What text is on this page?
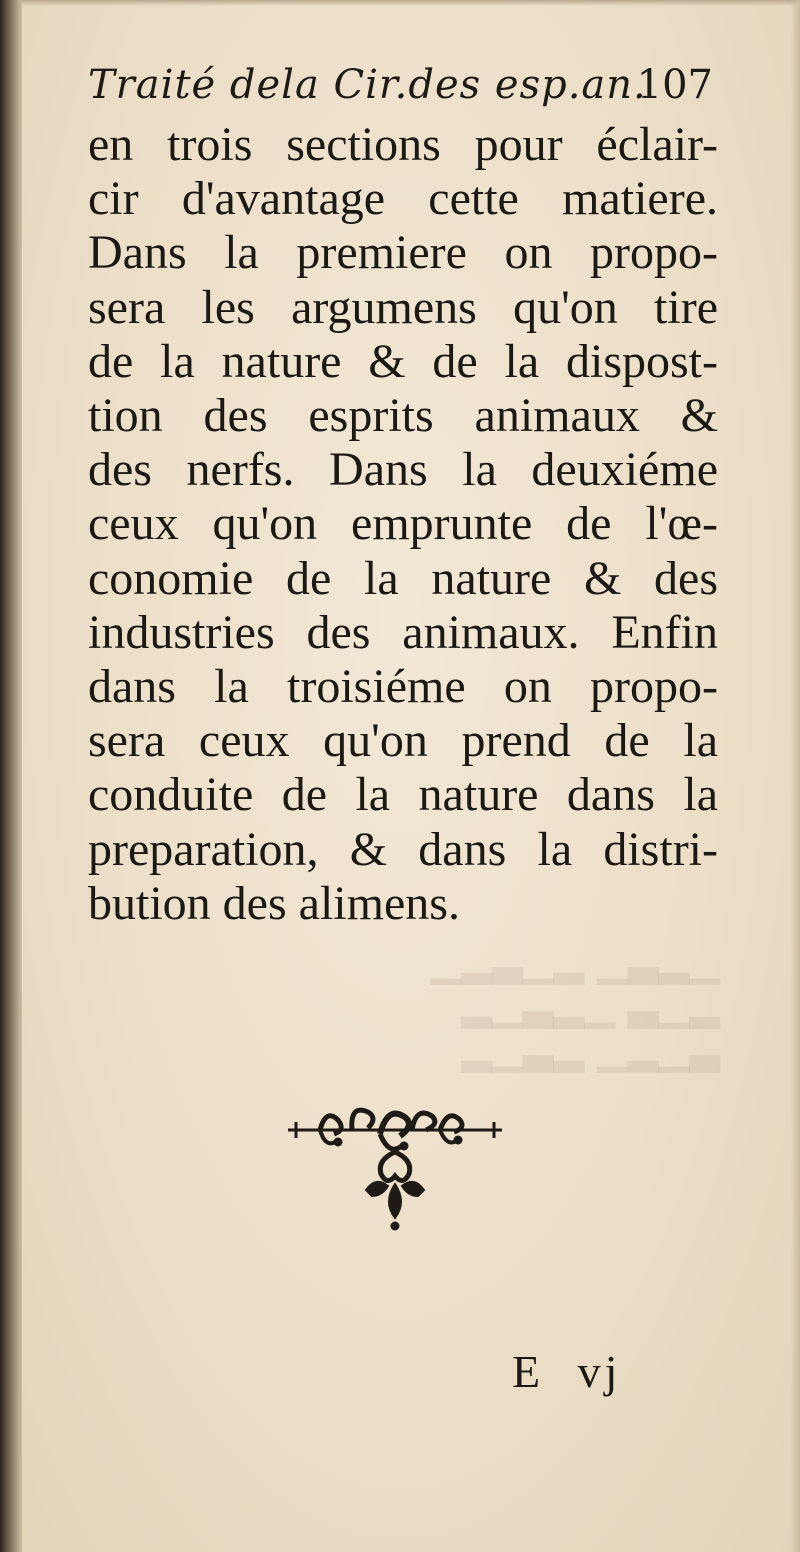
▁▂▃▁ ▂▁▃▂▁
▂▁▃ ▁▂▃▁▂
▃▁▂▁ ▂▃▁▂
Traité dela Cir.des esp.an.
107
en trois sections pour éclair-
cir d'avantage cette matiere.
Dans la premiere on propo-
sera les argumens qu'on tire
de la nature & de la dispost-
tion des esprits animaux &
des nerfs. Dans la deuxiéme
ceux qu'on emprunte de l'œ-
conomie de la nature & des
industries des animaux. Enfin
dans la troisiéme on propo-
sera ceux qu'on prend de la
conduite de la nature dans la
preparation, & dans la distri-
bution des alimens.
E vj
